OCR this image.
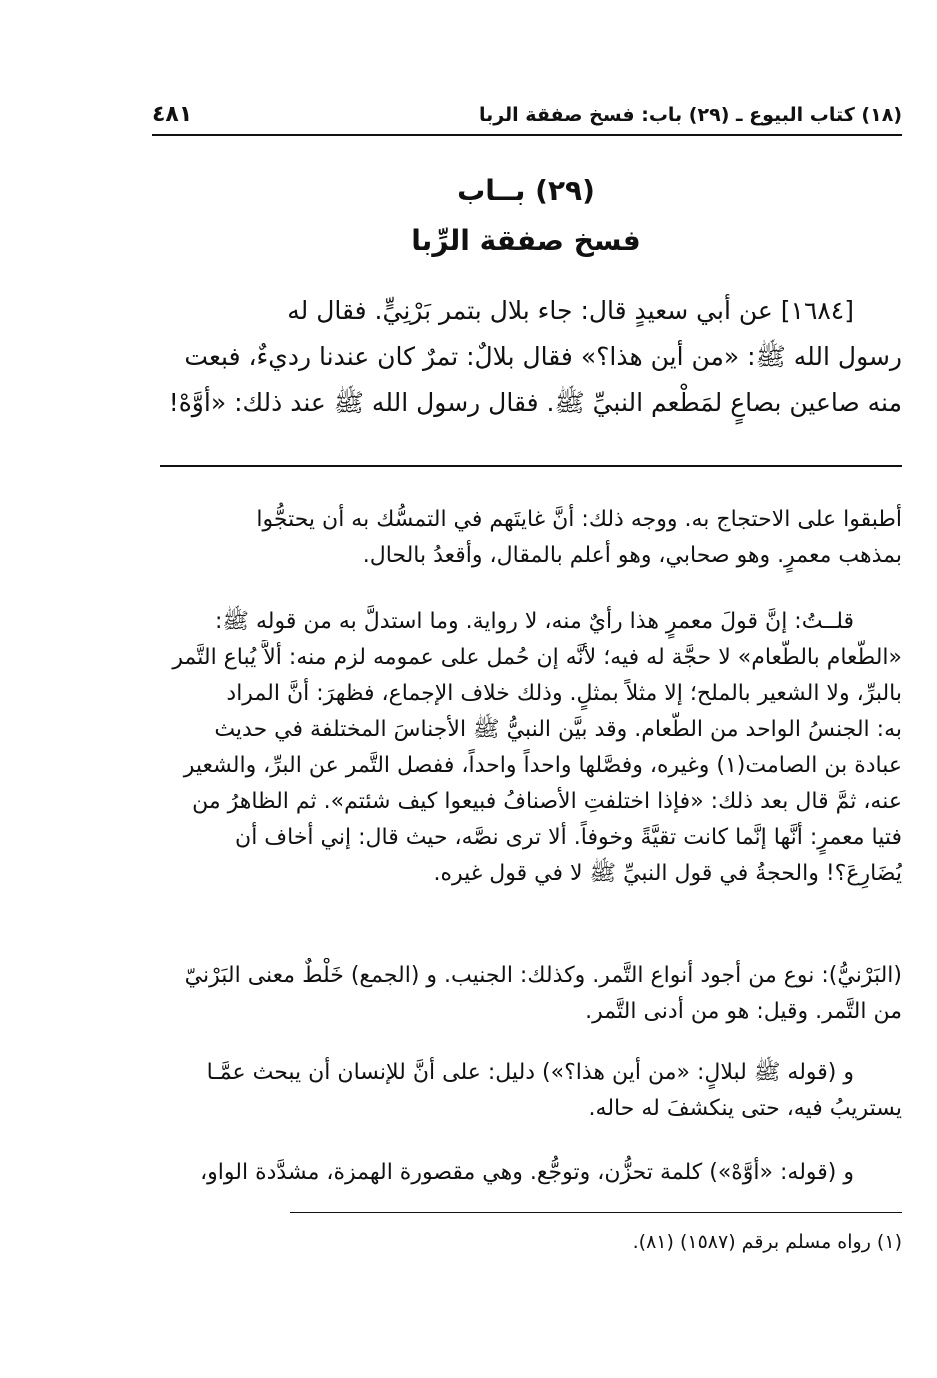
(١٨) كتاب البيوع ـ (٢٩) باب: فسخ صفقة الربا
٤٨١
(٢٩) بــاب
فسخ صفقة الرِّبا
[١٦٨٤] عن أبي سعيدٍ قال: جاء بلال بتمر بَرْنِيٍّ. فقال له
رسول الله ﷺ: «من أين هذا؟» فقال بلالٌ: تمرٌ كان عندنا رديءٌ، فبعت
منه صاعين بصاعٍ لمَطْعم النبيِّ ﷺ. فقال رسول الله ﷺ عند ذلك: «أوَّهْ!
أطبقوا على الاحتجاج به. ووجه ذلك: أنَّ غايتَهم في التمسُّك به أن يحتجُّوا
بمذهب معمرٍ. وهو صحابي، وهو أعلم بالمقال، وأقعدُ بالحال.
قلــتُ: إنَّ قولَ معمرٍ هذا رأيٌ منه، لا رواية. وما استدلَّ به من قوله ﷺ:
«الطَّعام بالطَّعام» لا حجَّة له فيه؛ لأنَّه إن حُمل على عمومه لزم منه: ألاَّ يُباع التَّمر
بالبرِّ، ولا الشعير بالملح؛ إلا مثلاً بمثلٍ. وذلك خلاف الإجماع، فظهرَ: أنَّ المراد
به: الجنسُ الواحد من الطَّعام. وقد بيَّن النبيُّ ﷺ الأجناسَ المختلفة في حديث
عبادة بن الصامت(١) وغيره، وفصَّلها واحداً واحداً، ففصل التَّمر عن البرِّ، والشعير
عنه، ثمَّ قال بعد ذلك: «فإذا اختلفتِ الأصنافُ فبيعوا كيف شئتم». ثم الظاهرُ من
فتيا معمرٍ: أنَّها إنَّما كانت تقيَّةً وخوفاً. ألا ترى نصَّه، حيث قال: إني أخاف أن
يُضَارِعَ؟! والحجةُ في قول النبيِّ ﷺ لا في قول غيره.
(البَرْنيُّ): نوع من أجود أنواع التَّمر. وكذلك: الجنيب. و (الجمع) خَلْطٌ معنى البَرْنيّ
من التَّمر. وقيل: هو من أدنى التَّمر.
و (قوله ﷺ لبلالٍ: «من أين هذا؟») دليل: على أنَّ للإنسان أن يبحث عمَّـا
يستريبُ فيه، حتى ينكشفَ له حاله.
و (قوله: «أوَّهْ») كلمة تحزُّن، وتوجُّع. وهي مقصورة الهمزة، مشدَّدة الواو،
(١) رواه مسلم برقم (١٥٨٧) (٨١).
